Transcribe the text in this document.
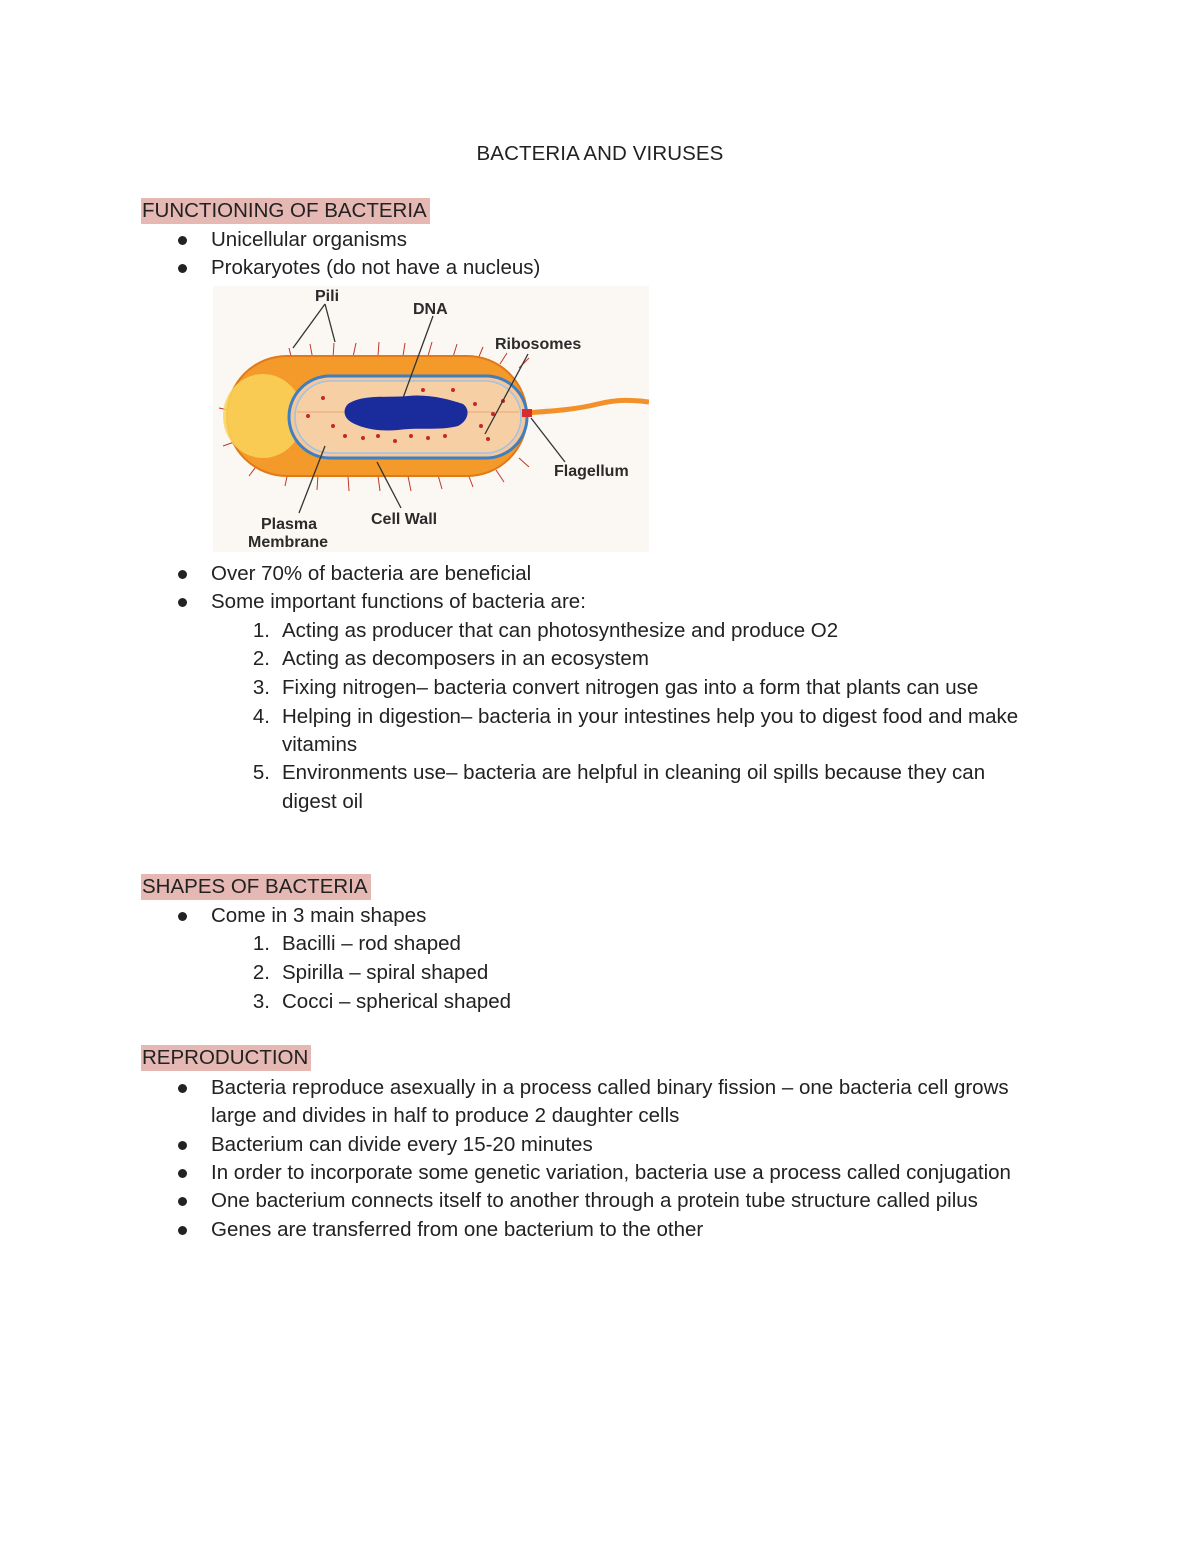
BACTERIA AND VIRUSES
FUNCTIONING OF BACTERIA
Unicellular organisms
Prokaryotes (do not have a nucleus)
Pili
DNA
Ribosomes
Flagellum
Plasma
Membrane
Cell Wall
Over 70% of bacteria are beneficial
Some important functions of bacteria are:
1. Acting as producer that can photosynthesize and produce O2
2. Acting as decomposers in an ecosystem
3. Fixing nitrogen– bacteria convert nitrogen gas into a form that plants can use
4. Helping in digestion– bacteria in your intestines help you to digest food and make
vitamins
5. Environments use– bacteria are helpful in cleaning oil spills because they can
digest oil
SHAPES OF BACTERIA
Come in 3 main shapes
1. Bacilli – rod shaped
2. Spirilla – spiral shaped
3. Cocci – spherical shaped
REPRODUCTION
Bacteria reproduce asexually in a process called binary fission – one bacteria cell grows
large and divides in half to produce 2 daughter cells
Bacterium can divide every 15-20 minutes
In order to incorporate some genetic variation, bacteria use a process called conjugation
One bacterium connects itself to another through a protein tube structure called pilus
Genes are transferred from one bacterium to the other
